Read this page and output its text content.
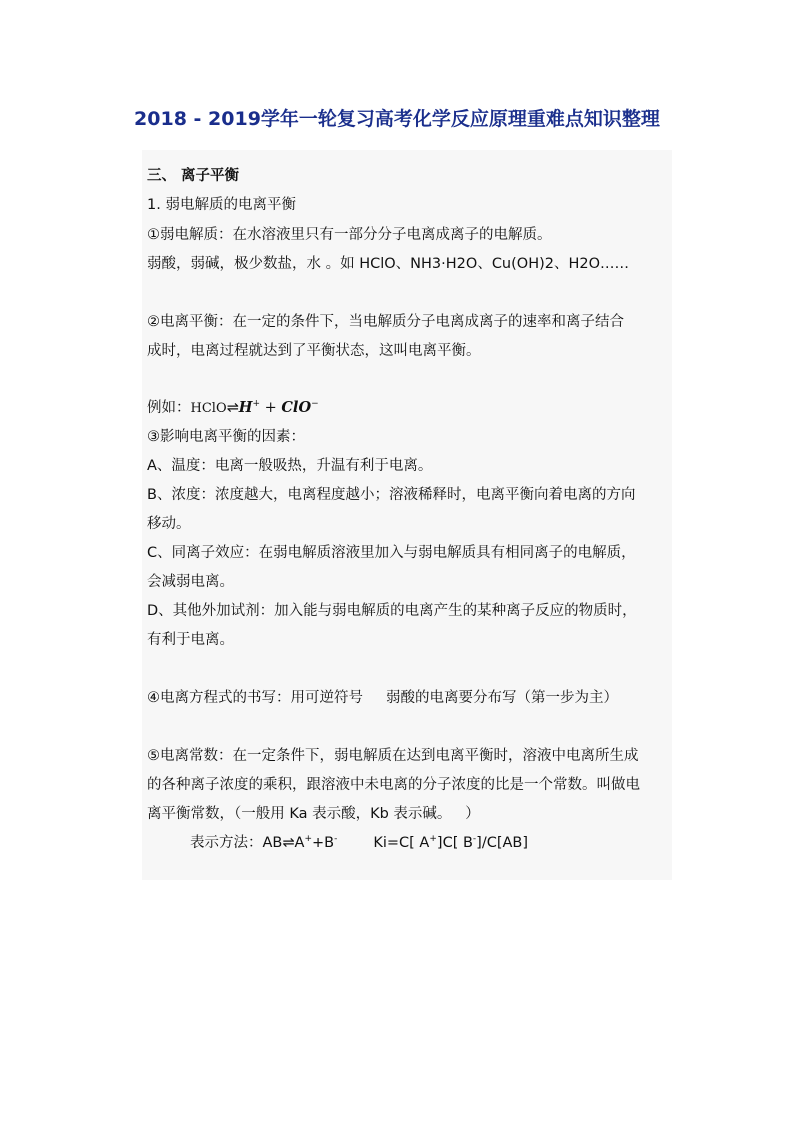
2018 - 2019学年一轮复习高考化学反应原理重难点知识整理
三、 离子平衡
1. 弱电解质的电离平衡
①弱电解质：在水溶液里只有一部分分子电离成离子的电解质。
弱酸，弱碱，极少数盐，水 。如 HClO、NH3·H2O、Cu(OH)2、H2O……
②电离平衡：在一定的条件下，当电解质分子电离成离子的速率和离子结合
成时，电离过程就达到了平衡状态，这叫电离平衡。
例如：HClO⇌H+ + ClO−
③影响电离平衡的因素：
A、温度：电离一般吸热，升温有利于电离。
B、浓度：浓度越大，电离程度越小；溶液稀释时，电离平衡向着电离的方向
移动。
C、同离子效应：在弱电解质溶液里加入与弱电解质具有相同离子的电解质，
会减弱电离。
D、其他外加试剂：加入能与弱电解质的电离产生的某种离子反应的物质时，
有利于电离。
④电离方程式的书写：用可逆符号     弱酸的电离要分布写（第一步为主）
⑤电离常数：在一定条件下，弱电解质在达到电离平衡时，溶液中电离所生成
的各种离子浓度的乘积，跟溶液中未电离的分子浓度的比是一个常数。叫做电
离平衡常数，（一般用 Ka 表示酸，Kb 表示碱。   ）
表示方法：AB⇌A++B- Ki=C[ A+]C[ B-]/C[AB]
